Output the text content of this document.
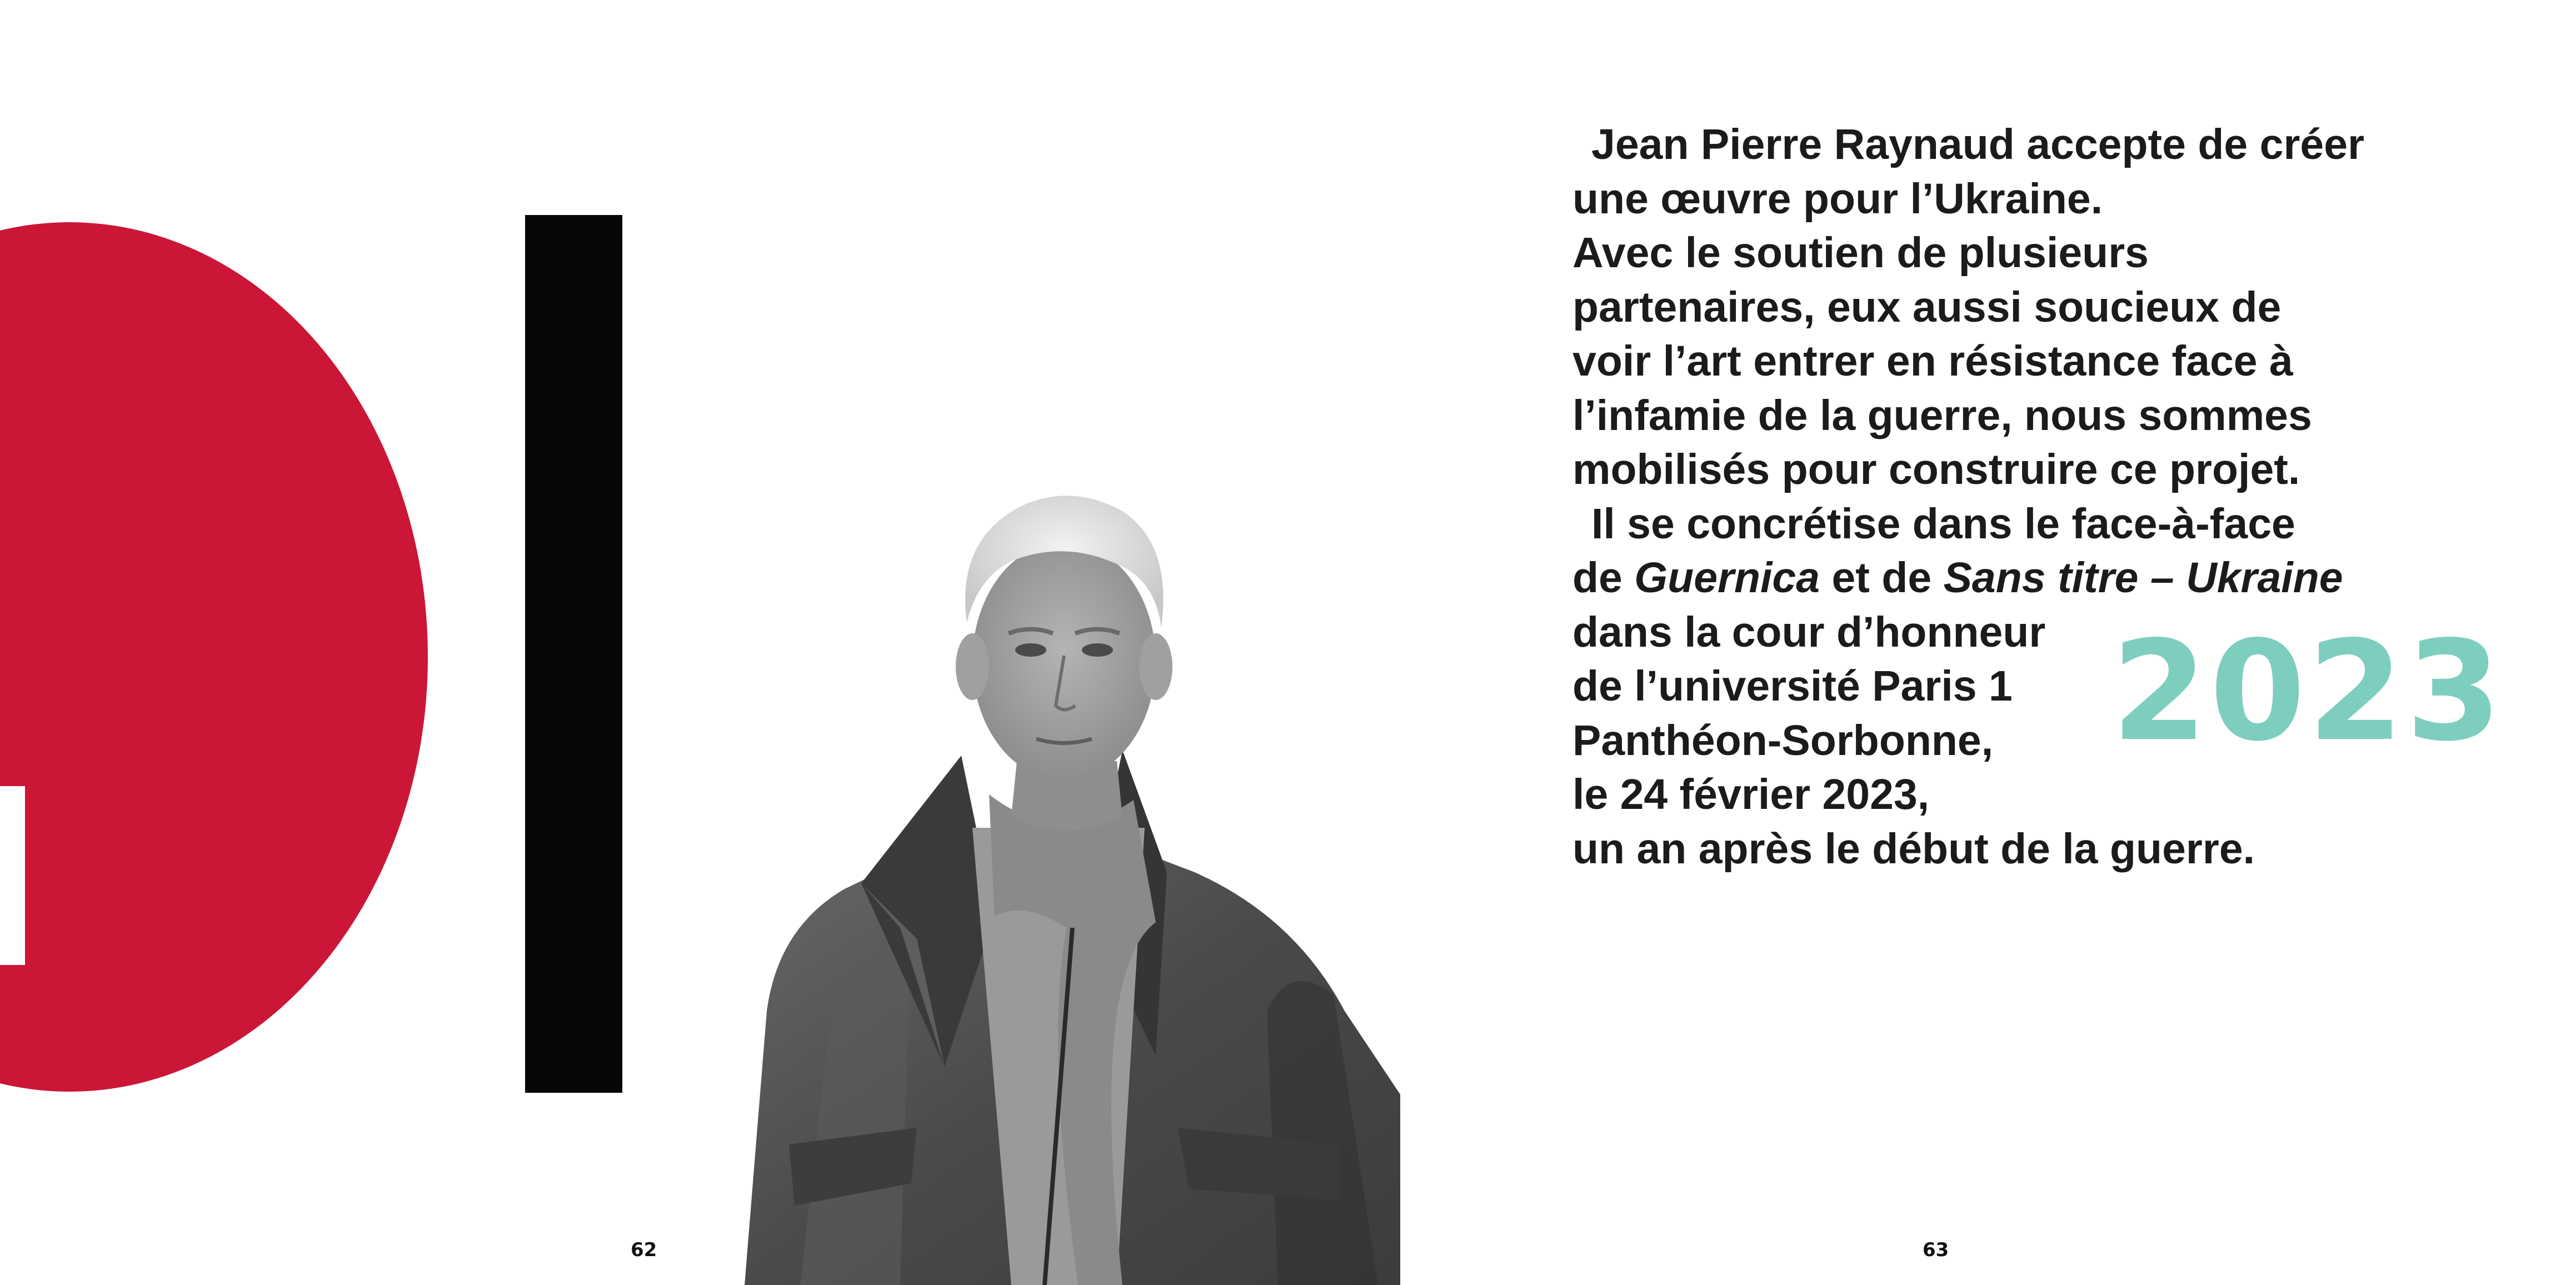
62

Jean Pierre Raynaud accepte de créer
une œuvre pour l’Ukraine.
Avec le soutien de plusieurs
partenaires, eux aussi soucieux de
voir l’art entrer en résistance face à
l’infamie de la guerre, nous sommes
mobilisés pour construire ce projet.
Il se concrétise dans le face-à-face
de Guernica et de Sans titre – Ukraine
dans la cour d’honneur
de l’université Paris 1
Panthéon-Sorbonne,
le 24 février 2023,
un an après le début de la guerre.

2023
63
